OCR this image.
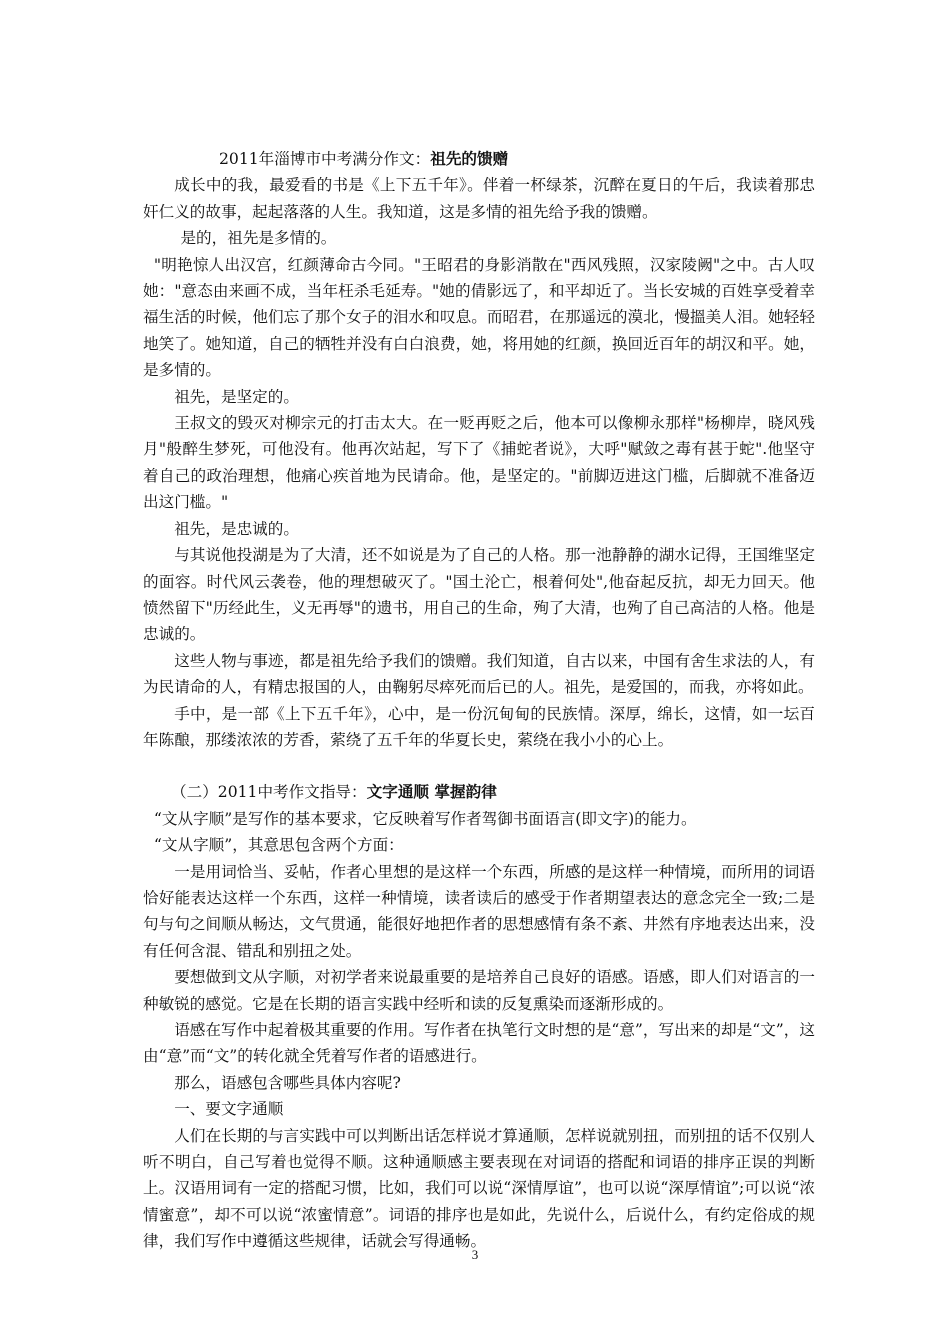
2011年淄博市中考满分作文：祖先的馈赠

成长中的我，最爱看的书是《上下五千年》。伴着一杯绿茶，沉醉在夏日的午后，我读着那忠奸仁义的故事，起起落落的人生。我知道，这是多情的祖先给予我的馈赠。

是的，祖先是多情的。

"明艳惊人出汉宫，红颜薄命古今同。"王昭君的身影消散在"西风残照，汉家陵阙"之中。古人叹她："意态由来画不成，当年枉杀毛延寿。"她的倩影远了，和平却近了。当长安城的百姓享受着幸福生活的时候，他们忘了那个女子的泪水和叹息。而昭君，在那遥远的漠北，慢搵美人泪。她轻轻地笑了。她知道，自己的牺牲并没有白白浪费，她，将用她的红颜，换回近百年的胡汉和平。她，是多情的。

祖先，是坚定的。

王叔文的毁灭对柳宗元的打击太大。在一贬再贬之后，他本可以像柳永那样"杨柳岸，晓风残月"般醉生梦死，可他没有。他再次站起，写下了《捕蛇者说》，大呼"赋敛之毒有甚于蛇".他坚守着自己的政治理想，他痛心疾首地为民请命。他，是坚定的。"前脚迈进这门槛，后脚就不准备迈出这门槛。"

祖先，是忠诚的。

与其说他投湖是为了大清，还不如说是为了自己的人格。那一池静静的湖水记得，王国维坚定的面容。时代风云袭卷，他的理想破灭了。"国土沦亡，根着何处",他奋起反抗，却无力回天。他愤然留下"历经此生，义无再辱"的遗书，用自己的生命，殉了大清，也殉了自己高洁的人格。他是忠诚的。

这些人物与事迹，都是祖先给予我们的馈赠。我们知道，自古以来，中国有舍生求法的人，有为民请命的人，有精忠报国的人，由鞠躬尽瘁死而后已的人。祖先，是爱国的，而我，亦将如此。

手中，是一部《上下五千年》，心中，是一份沉甸甸的民族情。深厚，绵长，这情，如一坛百年陈酿，那缕浓浓的芳香，萦绕了五千年的华夏长史，萦绕在我小小的心上。

（二）2011中考作文指导：文字通顺 掌握韵律

“文从字顺”是写作的基本要求，它反映着写作者驾御书面语言(即文字)的能力。

“文从字顺”，其意思包含两个方面：

一是用词恰当、妥帖，作者心里想的是这样一个东西，所感的是这样一种情境，而所用的词语恰好能表达这样一个东西，这样一种情境，读者读后的感受于作者期望表达的意念完全一致;二是句与句之间顺从畅达，文气贯通，能很好地把作者的思想感情有条不紊、井然有序地表达出来，没有任何含混、错乱和别扭之处。

要想做到文从字顺，对初学者来说最重要的是培养自己良好的语感。语感，即人们对语言的一种敏锐的感觉。它是在长期的语言实践中经听和读的反复熏染而逐渐形成的。

语感在写作中起着极其重要的作用。写作者在执笔行文时想的是“意”，写出来的却是“文”，这由“意”而“文”的转化就全凭着写作者的语感进行。

那么，语感包含哪些具体内容呢?

一、要文字通顺

人们在长期的与言实践中可以判断出话怎样说才算通顺，怎样说就别扭，而别扭的话不仅别人听不明白，自己写着也觉得不顺。这种通顺感主要表现在对词语的搭配和词语的排序正误的判断上。汉语用词有一定的搭配习惯，比如，我们可以说“深情厚谊”，也可以说“深厚情谊”;可以说“浓情蜜意”，却不可以说“浓蜜情意”。词语的排序也是如此，先说什么，后说什么，有约定俗成的规律，我们写作中遵循这些规律，话就会写得通畅。

3
